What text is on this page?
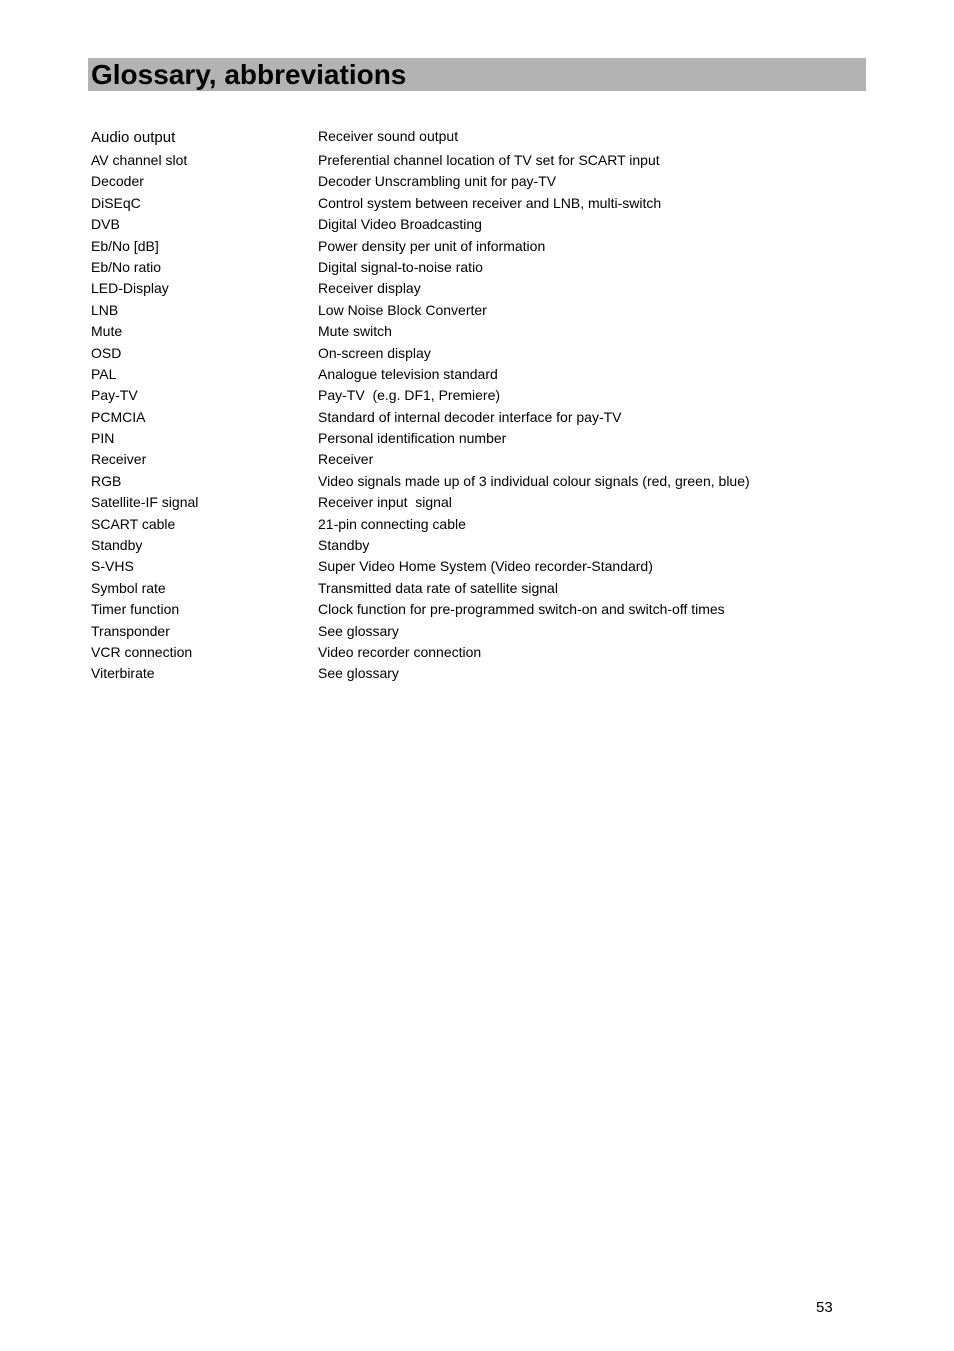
Glossary, abbreviations
Audio output	Receiver sound output
AV channel slot	Preferential channel location of TV set for SCART input
Decoder	Decoder Unscrambling unit for pay-TV
DiSEqC	Control system between receiver and LNB, multi-switch
DVB	Digital Video Broadcasting
Eb/No [dB]	Power density per unit of information
Eb/No ratio	Digital signal-to-noise ratio
LED-Display	Receiver display
LNB	Low Noise Block Converter
Mute	Mute switch
OSD	On-screen display
PAL	Analogue television standard
Pay-TV	Pay-TV  (e.g. DF1, Premiere)
PCMCIA	Standard of internal decoder interface for pay-TV
PIN	Personal identification number
Receiver	Receiver
RGB	Video signals made up of 3 individual colour signals (red, green, blue)
Satellite-IF signal	Receiver input  signal
SCART cable	21-pin connecting cable
Standby	Standby
S-VHS	Super Video Home System (Video recorder-Standard)
Symbol rate	Transmitted data rate of satellite signal
Timer function	Clock function for pre-programmed switch-on and switch-off times
Transponder	See glossary
VCR connection	Video recorder connection
Viterbirate	See glossary
53
